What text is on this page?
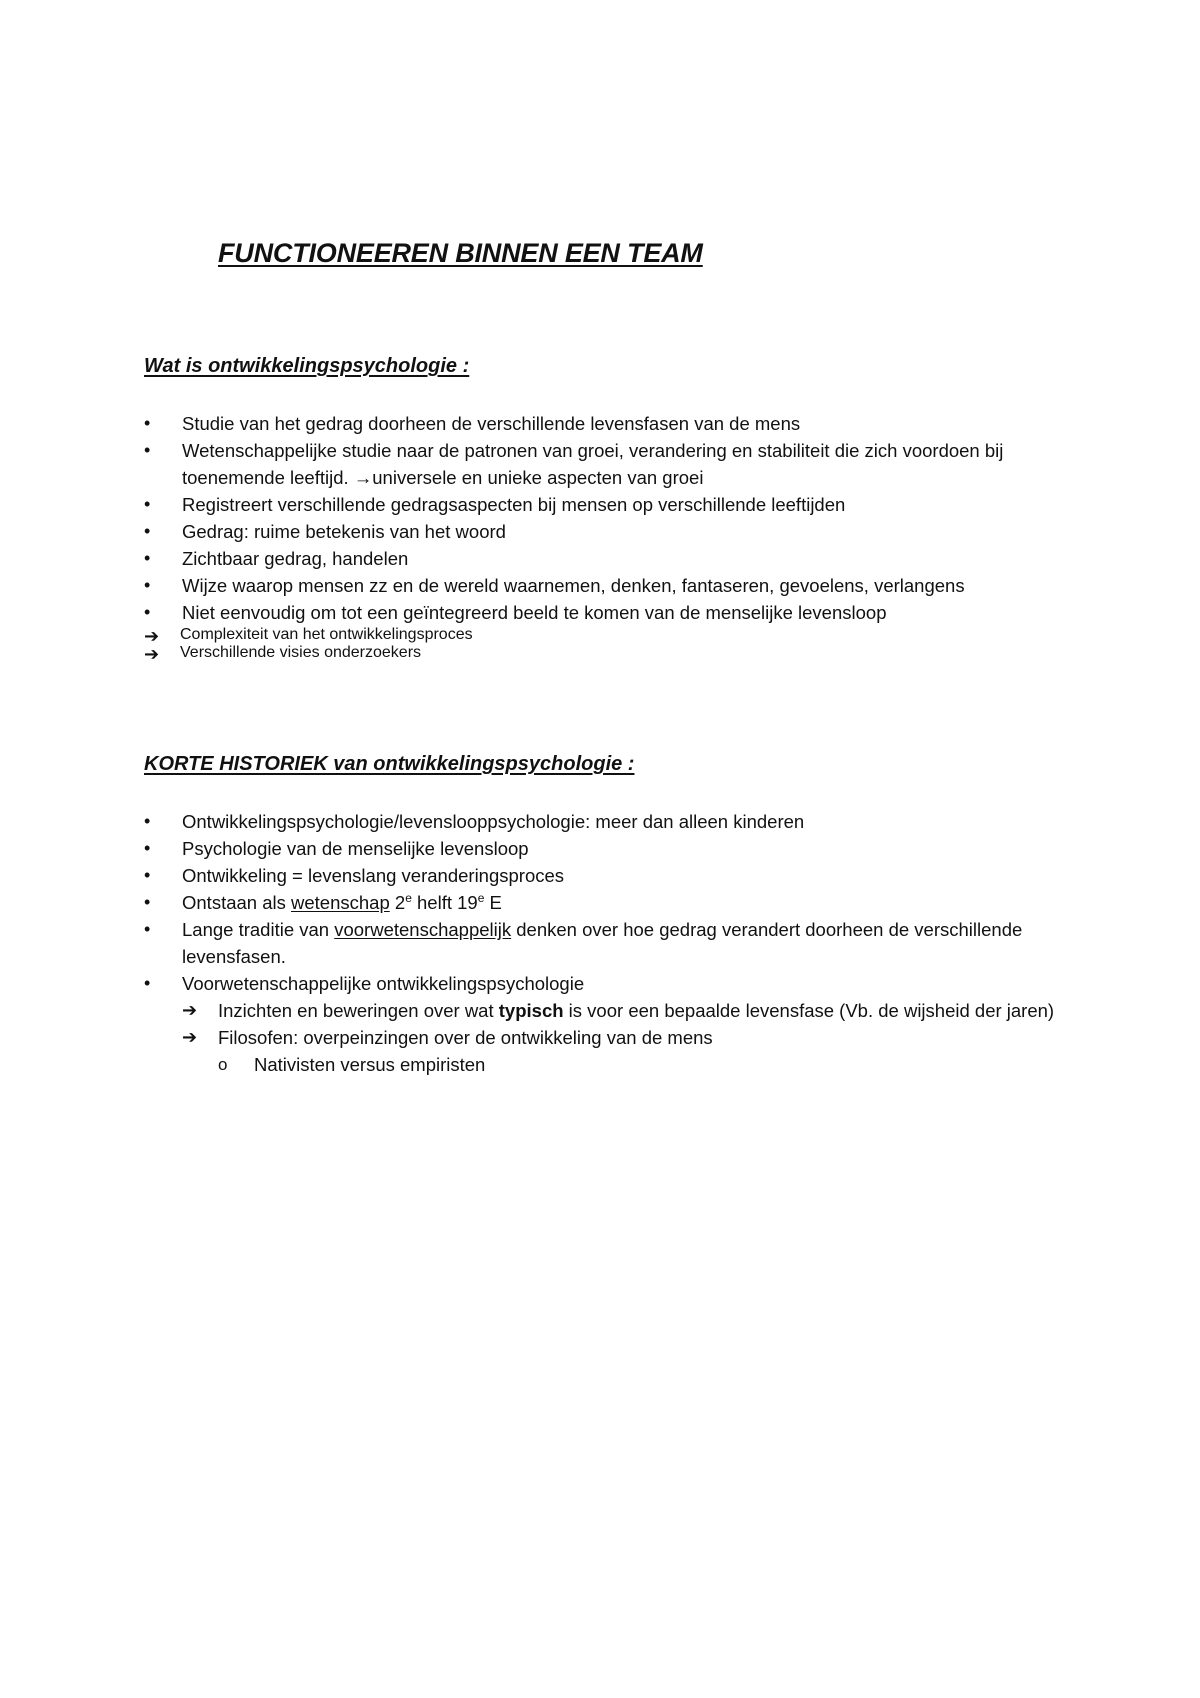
FUNCTIONEEREN BINNEN EEN TEAM
Wat is ontwikkelingspsychologie :
•	Studie van het gedrag doorheen de verschillende levensfasen van de mens
•	Wetenschappelijke studie naar de patronen van groei, verandering en stabiliteit die zich voordoen bij toenemende leeftijd. →universele en unieke aspecten van groei
•	Registreert verschillende gedragsaspecten bij mensen op verschillende leeftijden
•	Gedrag: ruime betekenis van het woord
•	Zichtbaar gedrag, handelen
•	Wijze waarop mensen zz en de wereld waarnemen, denken, fantaseren, gevoelens, verlangens
•	Niet eenvoudig om tot een geïntegreerd beeld te komen van de menselijke levensloop
➔ Complexiteit van het ontwikkelingsproces
➔ Verschillende visies onderzoekers
KORTE HISTORIEK van ontwikkelingspsychologie :
•	Ontwikkelingspsychologie/levenslooppsychologie: meer dan alleen kinderen
•	Psychologie van de menselijke levensloop
•	Ontwikkeling = levenslang veranderingsproces
•	Ontstaan als wetenschap 2e helft 19e E
•	Lange traditie van voorwetenschappelijk denken over hoe gedrag verandert doorheen de verschillende levensfasen.
•	Voorwetenschappelijke ontwikkelingspsychologie
➔ Inzichten en beweringen over wat typisch is voor een bepaalde levensfase (Vb. de wijsheid der jaren)
➔ Filosofen: overpeinzingen over de ontwikkeling van de mens
o Nativisten versus empiristen
